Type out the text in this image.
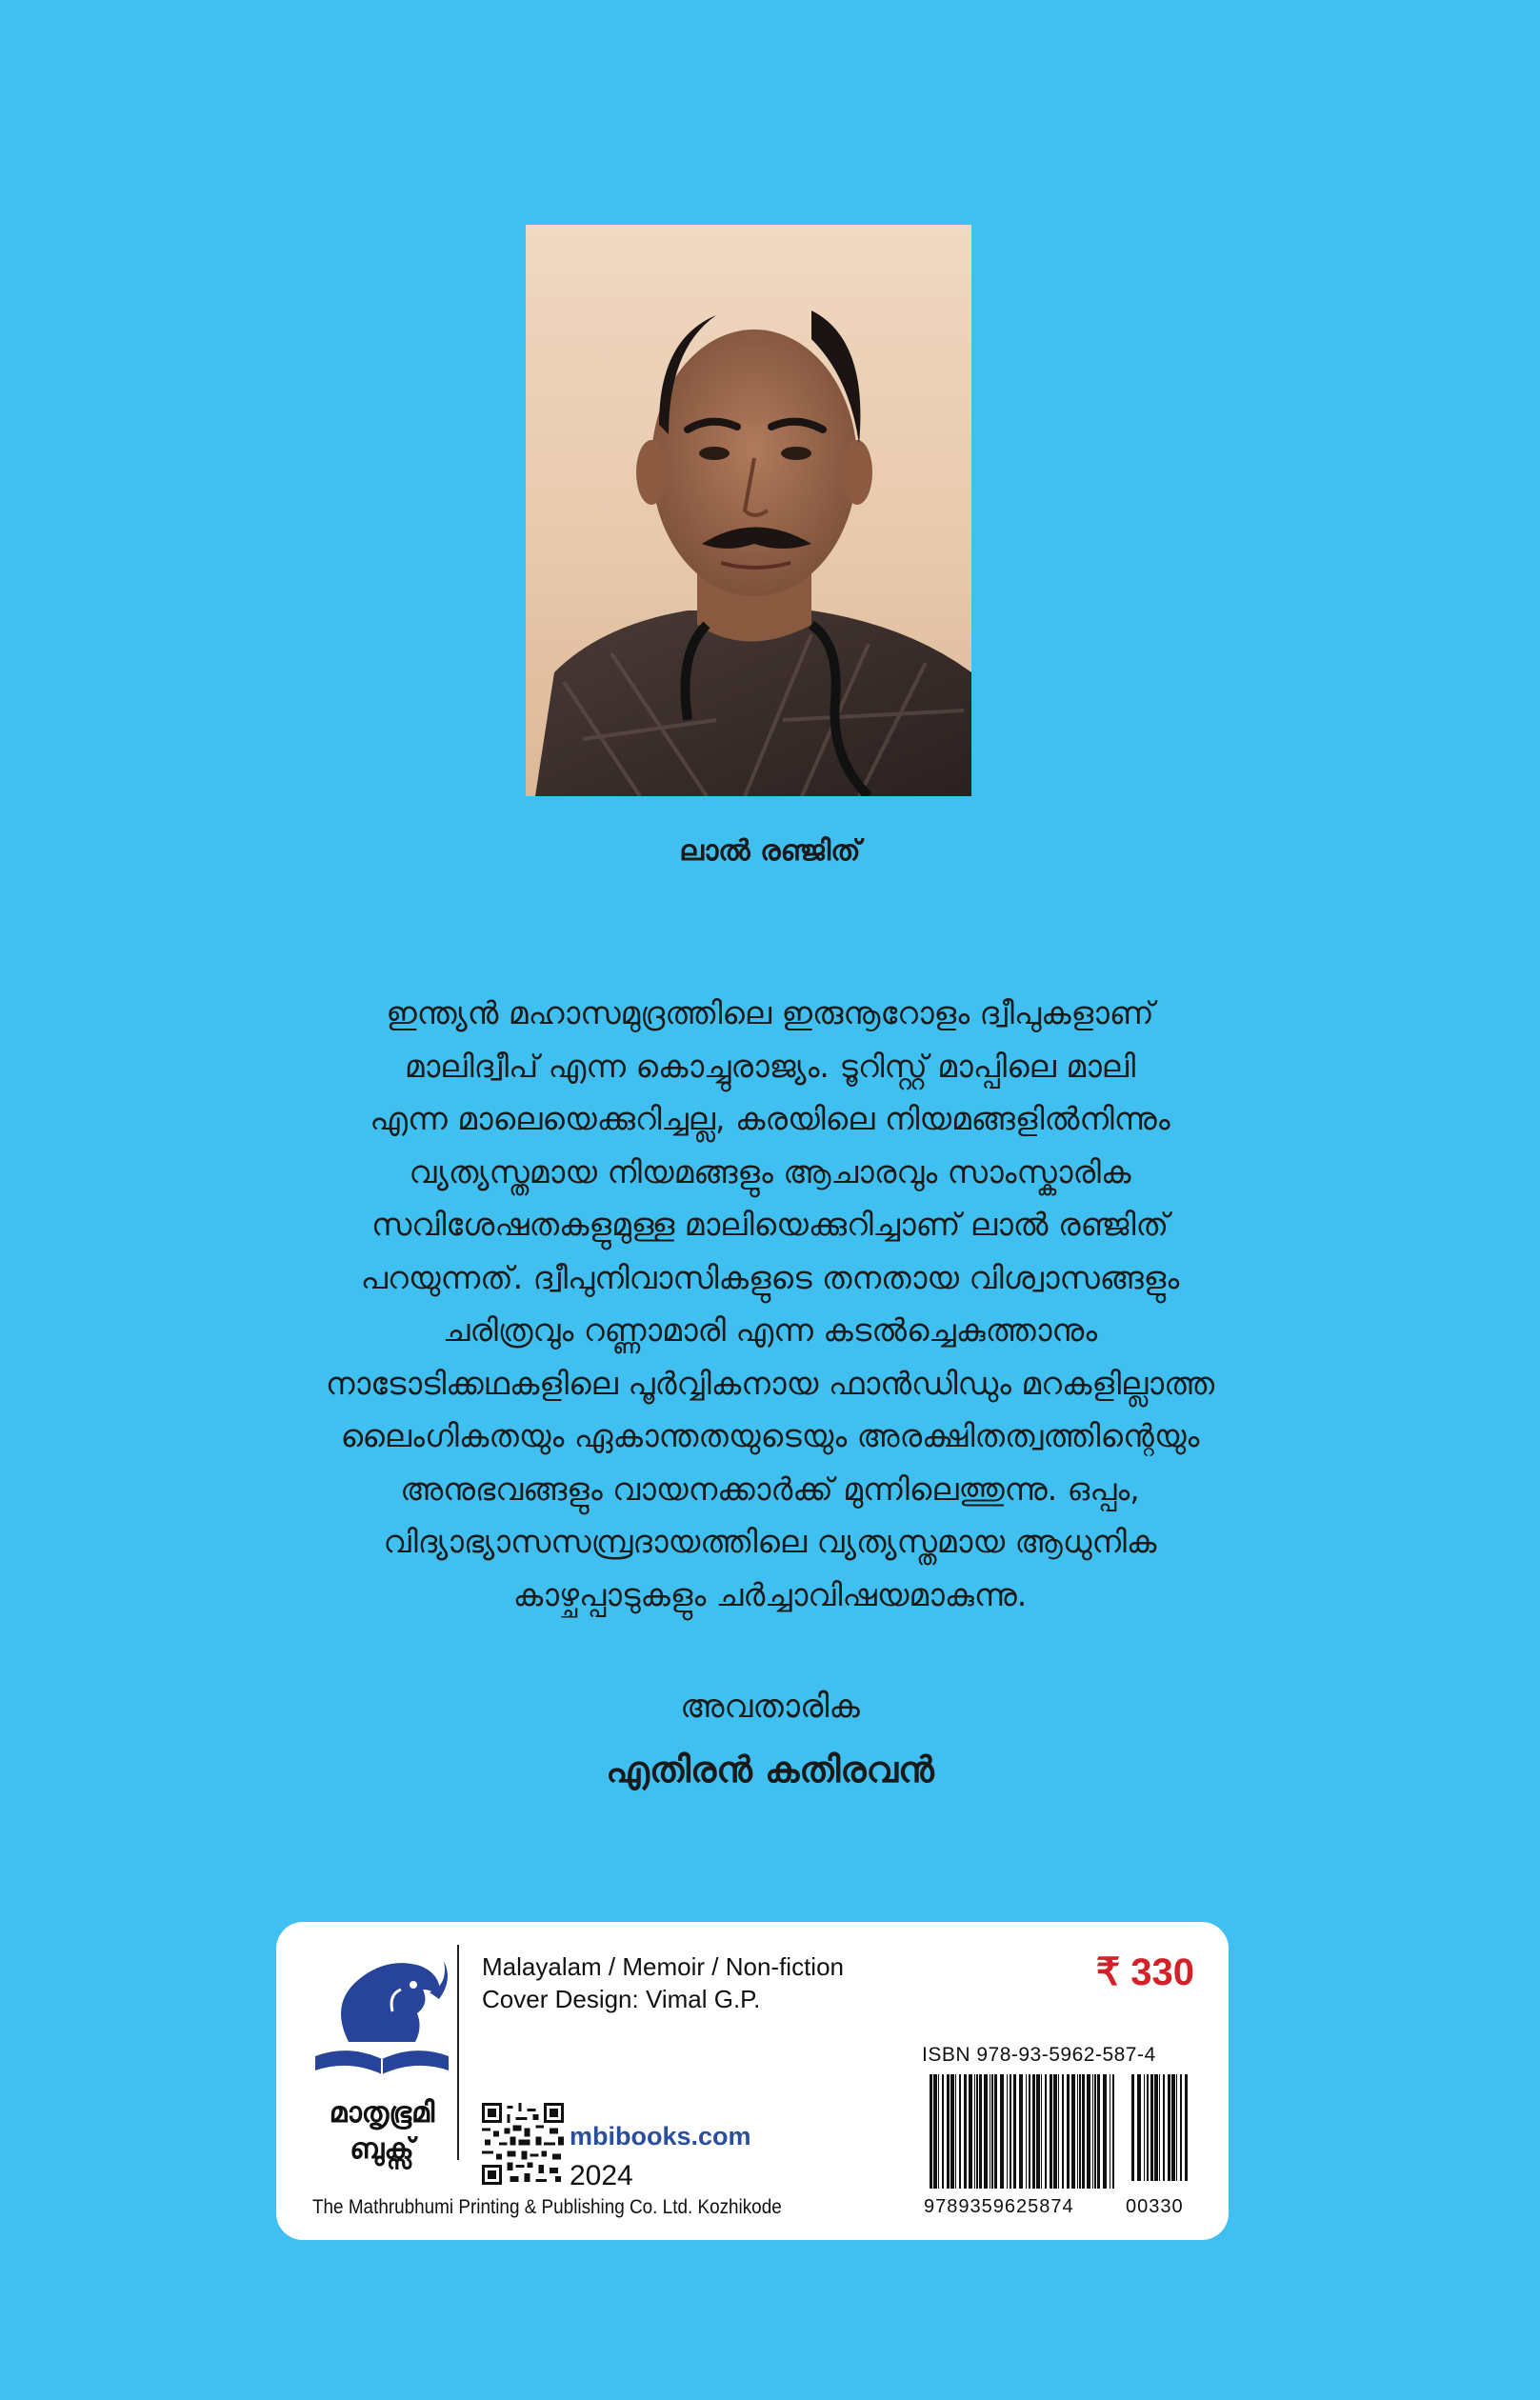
ലാൽ രഞ്ജിത്
ഇന്ത്യൻ മഹാസമുദ്രത്തിലെ ഇരുനൂറോളം ദ്വീപുകളാണ്
മാലിദ്വീപ് എന്ന കൊച്ചുരാജ്യം. ടൂറിസ്റ്റ് മാപ്പിലെ മാലി
എന്ന മാലെയെക്കുറിച്ചല്ല, കരയിലെ നിയമങ്ങളിൽനിന്നും
വ്യത്യസ്തമായ നിയമങ്ങളും ആചാരവും സാംസ്കാരിക
സവിശേഷതകളുമുള്ള മാലിയെക്കുറിച്ചാണ് ലാൽ രഞ്ജിത്
പറയുന്നത്. ദ്വീപുനിവാസികളുടെ തനതായ വിശ്വാസങ്ങളും
ചരിത്രവും റണ്ണാമാരി എന്ന കടൽച്ചെകുത്താനും
നാടോടിക്കഥകളിലെ പൂർവ്വികനായ ഫാൻഡിഡും മറകളില്ലാത്ത
ലൈംഗികതയും ഏകാന്തതയുടെയും അരക്ഷിതത്വത്തിന്റെയും
അനുഭവങ്ങളും വായനക്കാർക്ക് മുന്നിലെത്തുന്നു. ഒപ്പം,
വിദ്യാഭ്യാസസമ്പ്രദായത്തിലെ വ്യത്യസ്തമായ ആധുനിക
കാഴ്ചപ്പാടുകളും ചർച്ചാവിഷയമാകുന്നു.
അവതാരിക
എതിരൻ കതിരവൻ
മാതൃഭൂമി
ബുക്സ്
The Mathrubhumi Printing & Publishing Co. Ltd. Kozhikode
Malayalam / Memoir / Non-fiction
Cover Design: Vimal G.P.
₹ 330
mbibooks.com
2024
ISBN 978-93-5962-587-4
9789359625874	00330
